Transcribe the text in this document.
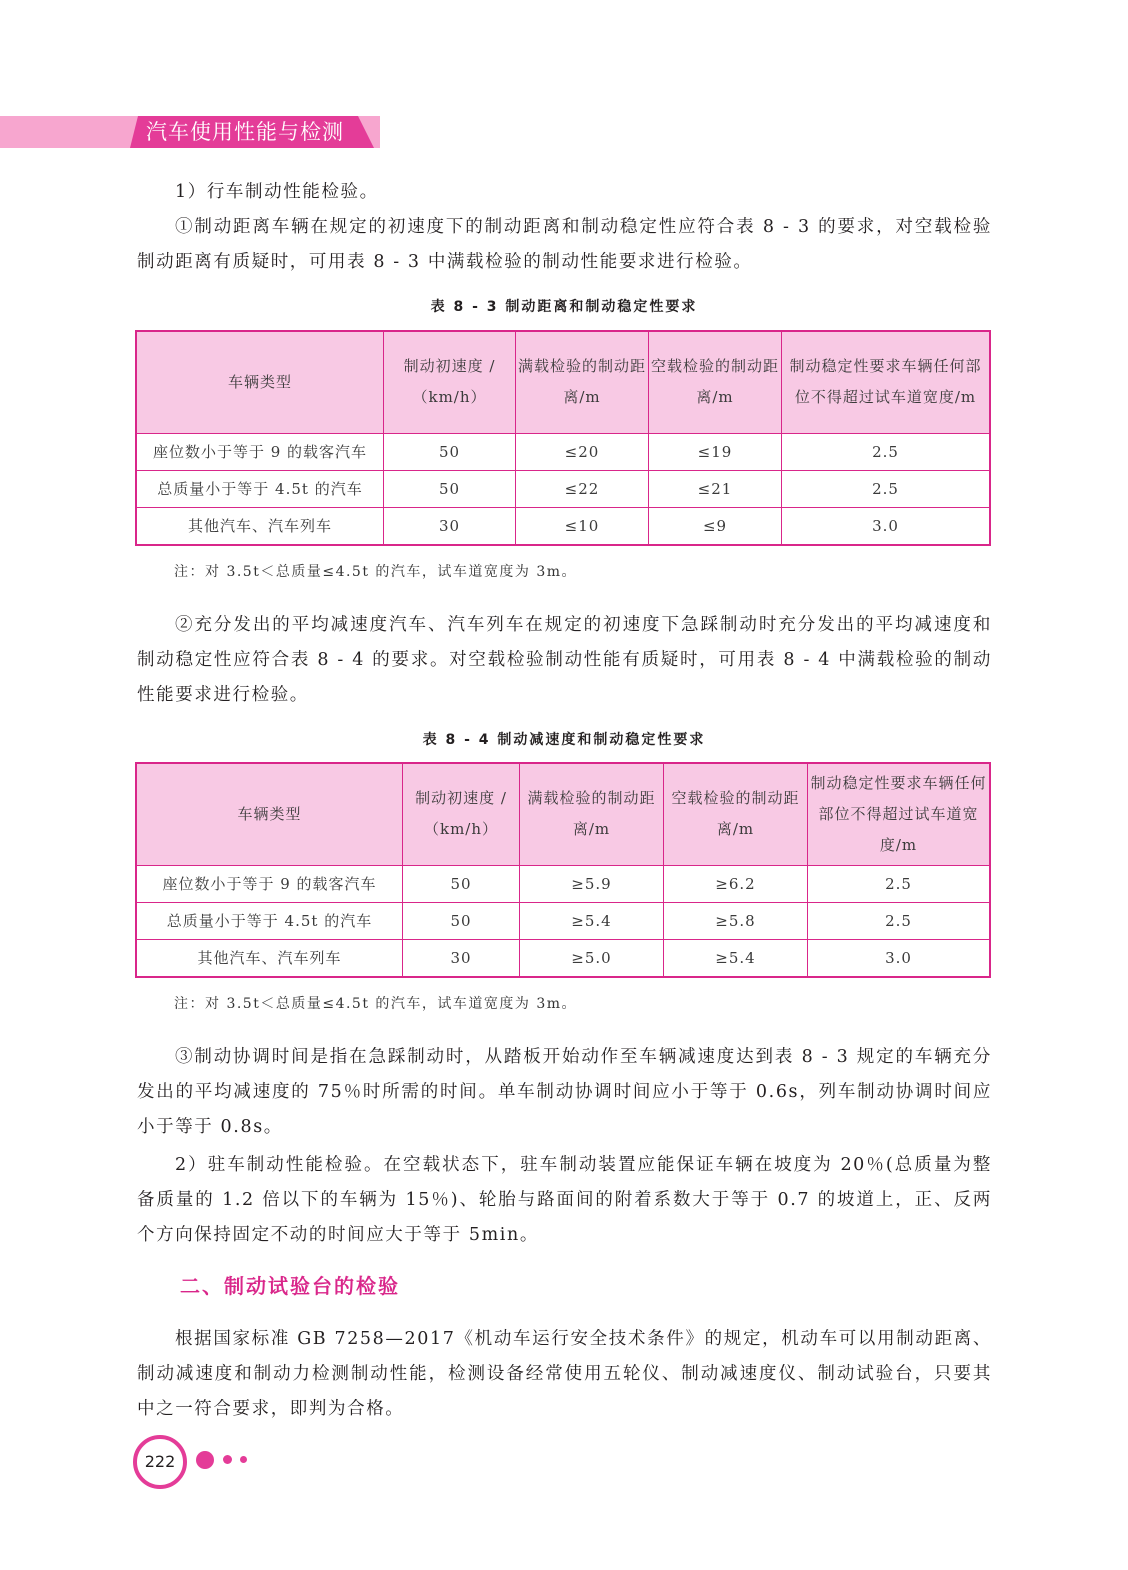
汽车使用性能与检测

1）行车制动性能检验。

①制动距离车辆在规定的初速度下的制动距离和制动稳定性应符合表 8 - 3 的要求，对空载检验制动距离有质疑时，可用表 8 - 3 中满载检验的制动性能要求进行检验。

表 8 - 3 制动距离和制动稳定性要求
车辆类型	制动初速度 /（km/h）	满载检验的制动距离/m	空载检验的制动距离/m	制动稳定性要求车辆任何部位不得超过试车道宽度/m
座位数小于等于 9 的载客汽车	50	≤20	≤19	2.5
总质量小于等于 4.5t 的汽车	50	≤22	≤21	2.5
其他汽车、汽车列车	30	≤10	≤9	3.0
注：对 3.5t＜总质量≤4.5t 的汽车，试车道宽度为 3m。

②充分发出的平均减速度汽车、汽车列车在规定的初速度下急踩制动时充分发出的平均减速度和制动稳定性应符合表 8 - 4 的要求。对空载检验制动性能有质疑时，可用表 8 - 4 中满载检验的制动性能要求进行检验。

表 8 - 4 制动减速度和制动稳定性要求
车辆类型	制动初速度 /（km/h）	满载检验的制动距离/m	空载检验的制动距离/m	制动稳定性要求车辆任何部位不得超过试车道宽度/m
座位数小于等于 9 的载客汽车	50	≥5.9	≥6.2	2.5
总质量小于等于 4.5t 的汽车	50	≥5.4	≥5.8	2.5
其他汽车、汽车列车	30	≥5.0	≥5.4	3.0
注：对 3.5t＜总质量≤4.5t 的汽车，试车道宽度为 3m。

③制动协调时间是指在急踩制动时，从踏板开始动作至车辆减速度达到表 8 - 3 规定的车辆充分发出的平均减速度的 75％时所需的时间。单车制动协调时间应小于等于 0.6s，列车制动协调时间应小于等于 0.8s。

2）驻车制动性能检验。在空载状态下，驻车制动装置应能保证车辆在坡度为 20％(总质量为整备质量的 1.2 倍以下的车辆为 15％)、轮胎与路面间的附着系数大于等于 0.7 的坡道上，正、反两个方向保持固定不动的时间应大于等于 5min。

二、制动试验台的检验

根据国家标准 GB 7258—2017《机动车运行安全技术条件》的规定，机动车可以用制动距离、制动减速度和制动力检测制动性能，检测设备经常使用五轮仪、制动减速度仪、制动试验台，只要其中之一符合要求，即判为合格。

222
